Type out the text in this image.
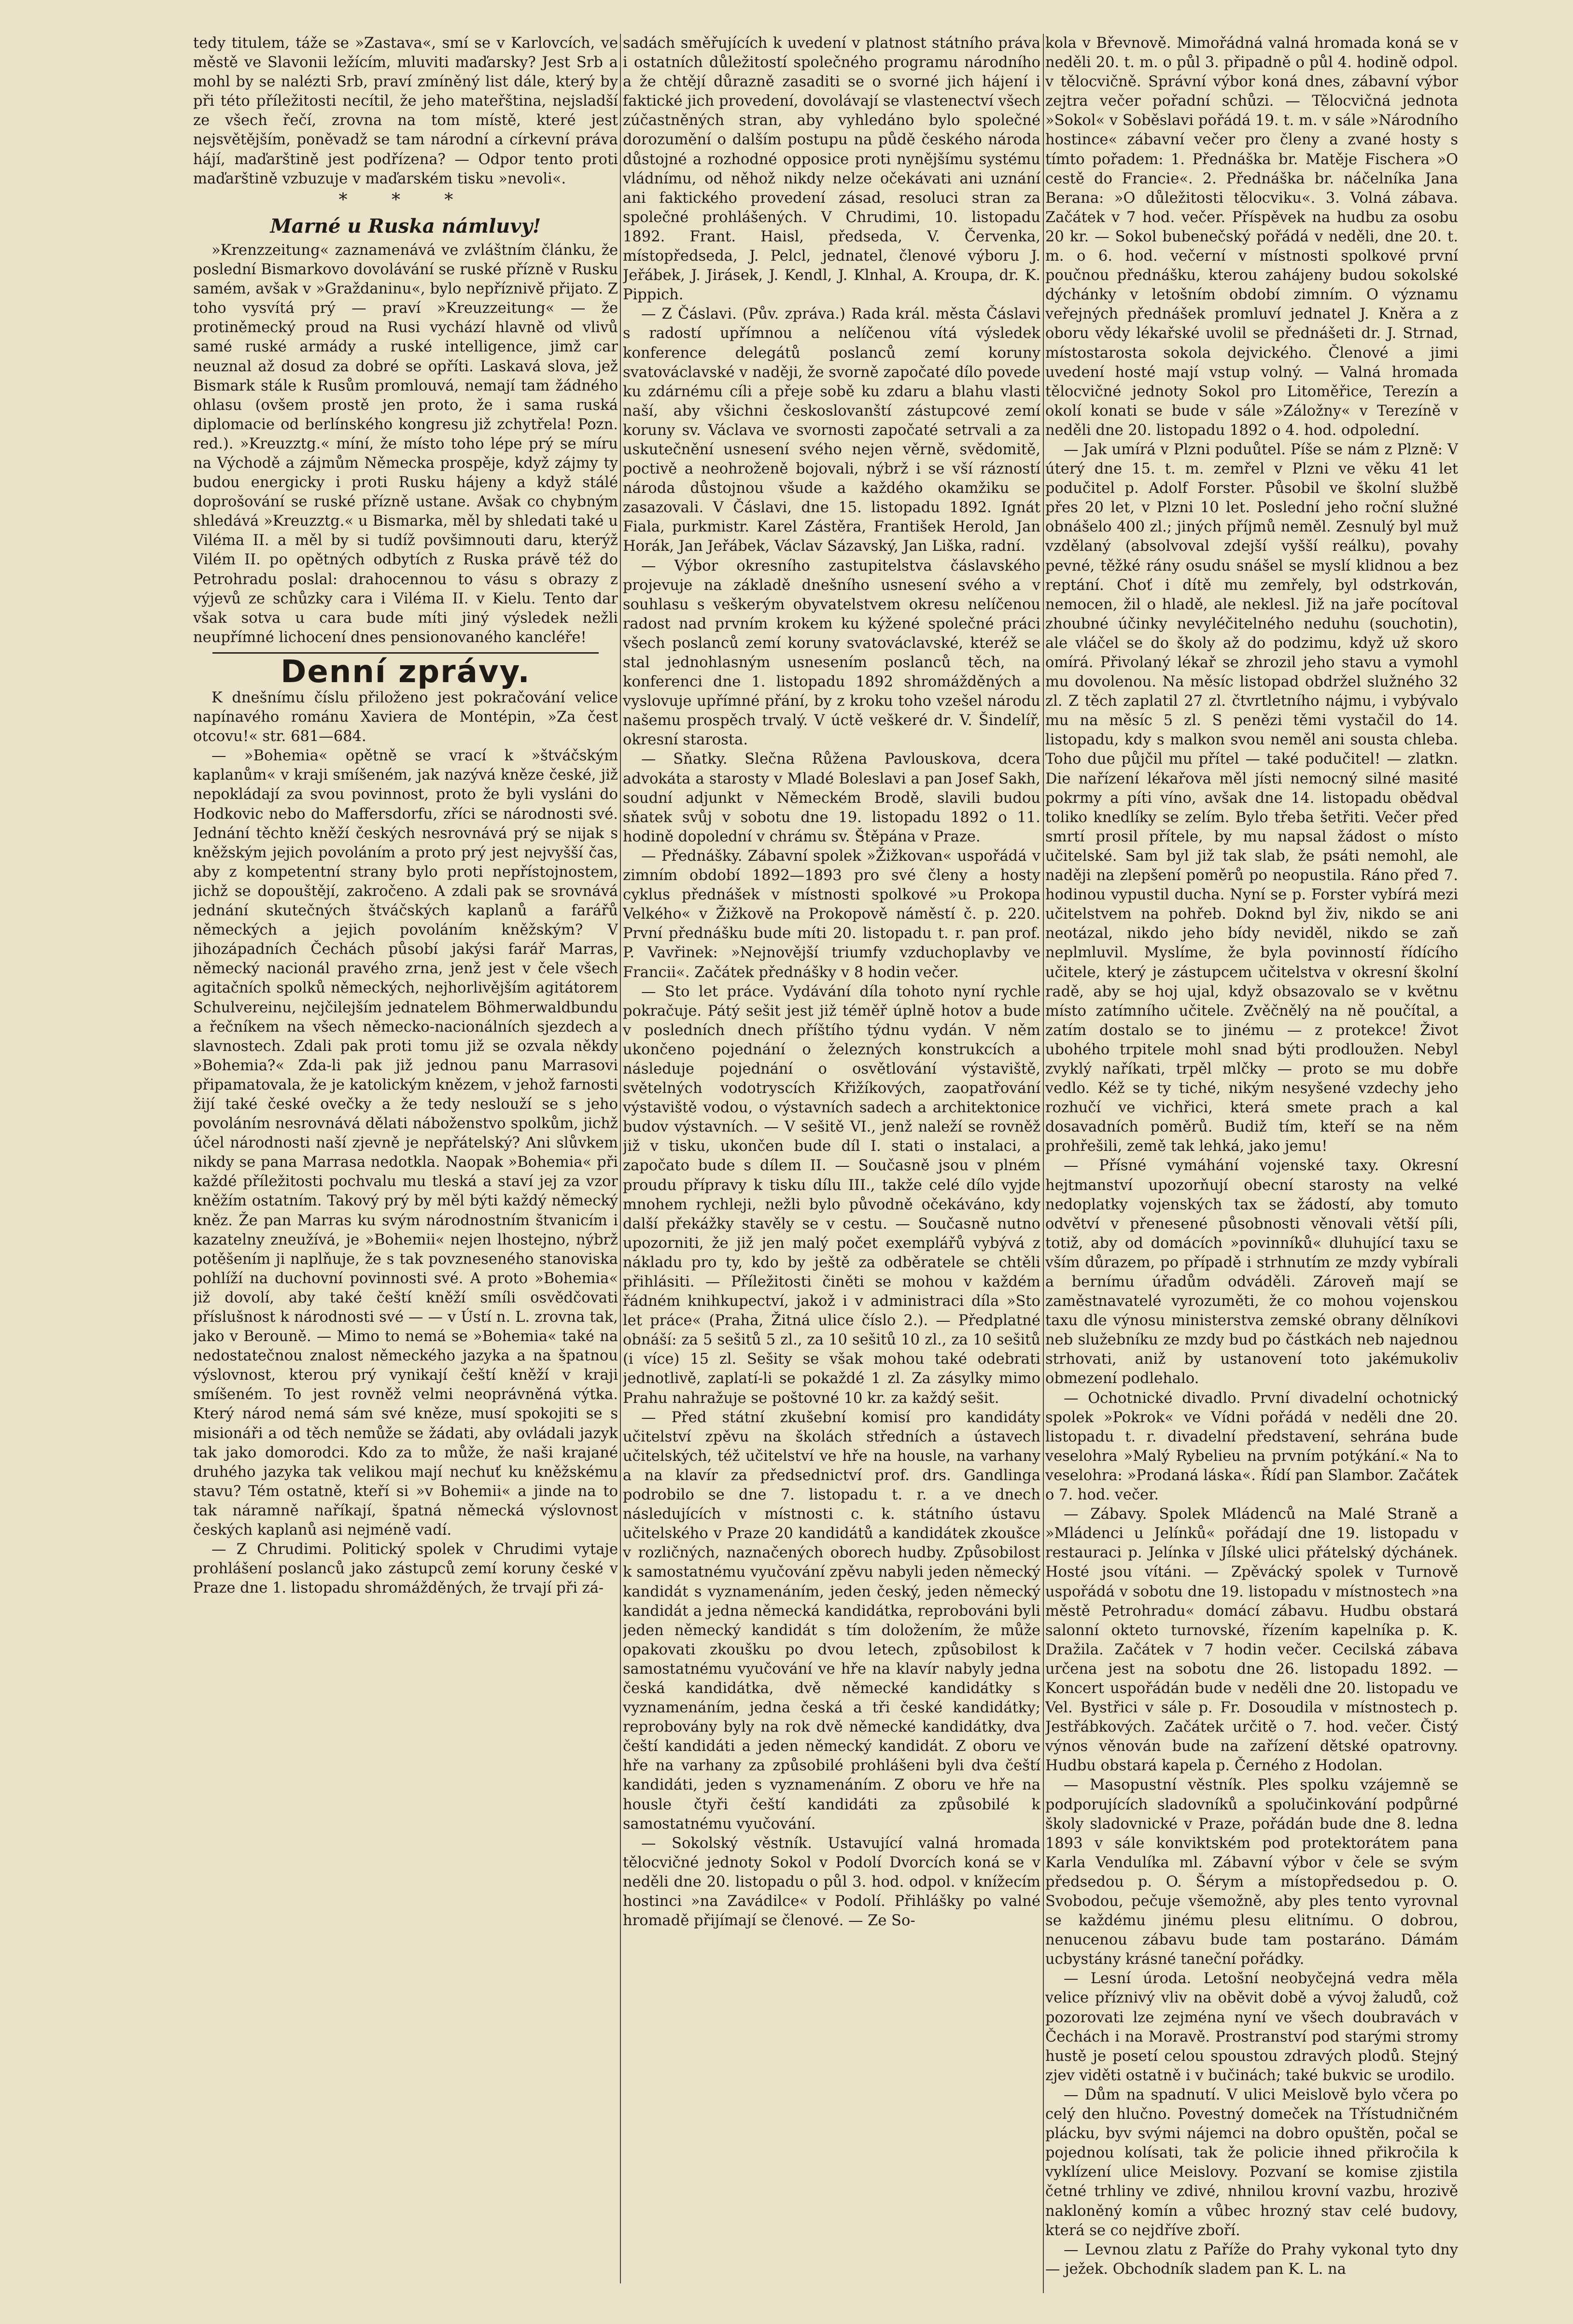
tedy titulem, táže se »Zastava«, smí se v Karlovcích, ve městě ve Slavonii ležícím, mluviti maďarsky? Jest Srb a mohl by se nalézti Srb, praví zmíněný list dále, který by při této příležitosti necítil, že jeho mateřština, nejsladší ze všech řečí, zrovna na tom místě, které jest nejsvětějším, poněvadž se tam národní a církevní práva hájí, maďarštině jest podřízena? — Odpor tento proti maďarštině vzbuzuje v maďarském tisku »nevoli«.

* * *
Marné u Ruska námluvy!

»Krenzzeitung« zaznamenává ve zvláštním článku, že poslední Bismarkovo dovolávání se ruské přízně v Rusku samém, avšak v »Graždaninu«, bylo nepříznivě přijato. Z toho vysvítá prý — praví »Kreuzzeitung« — že protiněmecký proud na Rusi vychází hlavně od vlivů samé ruské armády a ruské intelligence, jimž car neuznal až dosud za dobré se opříti. Laskavá slova, jež Bismark stále k Rusům promlouvá, nemají tam žádného ohlasu (ovšem prostě jen proto, že i sama ruská diplomacie od berlínského kongresu již zchytřela! Pozn. red.). »Kreuzztg.« míní, že místo toho lépe prý se míru na Východě a zájmům Německa prospěje, když zájmy ty budou energicky i proti Rusku hájeny a když stálé doprošování se ruské přízně ustane. Avšak co chybným shledává »Kreuzztg.« u Bismarka, měl by shledati také u Viléma II. a měl by si tudíž povšimnouti daru, kterýž Vilém II. po opětných odbytích z Ruska právě též do Petrohradu poslal: drahocennou to vásu s obrazy z výjevů ze schůzky cara i Viléma II. v Kielu. Tento dar však sotva u cara bude míti jiný výsledek nežli neupřímné lichocení dnes pensionovaného kancléře!

Denní zprávy.

K dnešnímu číslu přiloženo jest pokračování velice napínavého románu Xaviera de Montépin, »Za čest otcovu!« str. 681—684.

— »Bohemia« opětně se vrací k »štváčským kaplanům« v kraji smíšeném, jak nazývá kněze české, již nepokládají za svou povinnost, proto že byli vysláni do Hodkovic nebo do Maffersdorfu, zříci se národnosti své. Jednání těchto kněží českých nesrovnává prý se nijak s kněžským jejich povoláním a proto prý jest nejvyšší čas, aby z kompetentní strany bylo proti nepřístojnostem, jichž se dopouštějí, zakročeno. A zdali pak se srovnává jednání skutečných štváčských kaplanů a farářů německých a jejich povoláním kněžským? V jihozápadních Čechách působí jakýsi farář Marras, německý nacionál pravého zrna, jenž jest v čele všech agitačních spolků německých, nejhorlivějším agitátorem Schulvereinu, nejčilejším jednatelem Böhmerwaldbundu a řečníkem na všech německo-nacionálních sjezdech a slavnostech. Zdali pak proti tomu již se ozvala někdy »Bohemia?« Zda-li pak již jednou panu Marrasovi připamatovala, že je katolickým knězem, v jehož farnosti žijí také české ovečky a že tedy neslouží se s jeho povoláním nesrovnává dělati náboženstvo spolkům, jichž účel národnosti naší zjevně je nepřátelský? Ani slůvkem nikdy se pana Marrasa nedotkla. Naopak »Bohemia« při každé příležitosti pochvalu mu tleská a staví jej za vzor kněžím ostatním. Takový prý by měl býti každý německý kněz. Že pan Marras ku svým národnostním štvanicím i kazatelny zneužívá, je »Bohemii« nejen lhostejno, nýbrž potěšením ji naplňuje, že s tak povzneseného stanoviska pohlíží na duchovní povinnosti své. A proto »Bohemia« již dovolí, aby také čeští kněží smíli osvědčovati příslušnost k národnosti své — — v Ústí n. L. zrovna tak, jako v Berouně. — Mimo to nemá se »Bohemia« také na nedostatečnou znalost německého jazyka a na špatnou výslovnost, kterou prý vynikají čeští kněží v kraji smíšeném. To jest rovněž velmi neoprávněná výtka. Který národ nemá sám své kněze, musí spokojiti se s misionáři a od těch nemůže se žádati, aby ovládali jazyk tak jako domorodci. Kdo za to může, že naši krajané druhého jazyka tak velikou mají nechuť ku kněžskému stavu? Tém ostatně, kteří si »v Bohemii« a jinde na to tak náramně naříkají, špatná německá výslovnost českých kaplanů asi nejméně vadí.

— Z Chrudimi. Politický spolek v Chrudimi vytaje prohlášení poslanců jako zástupců zemí koruny české v Praze dne 1. listopadu shromážděných, že trvají při zá-

sadách směřujících k uvedení v platnost státního práva i ostatních důležitostí společného programu národního a že chtějí důrazně zasaditi se o svorné jich hájení i faktické jich provedení, dovolávají se vlastenectví všech zúčastněných stran, aby vyhledáno bylo společné dorozumění o dalším postupu na půdě českého národa důstojné a rozhodné opposice proti nynějšímu systému vládnímu, od něhož nikdy nelze očekávati ani uznání ani faktického provedení zásad, resoluci stran za společné prohlášených. V Chrudimi, 10. listopadu 1892. Frant. Haisl, předseda, V. Červenka, místopředseda, J. Pelcl, jednatel, členové výboru J. Jeřábek, J. Jirásek, J. Kendl, J. Klnhal, A. Kroupa, dr. K. Pippich.

— Z Čáslavi. (Pův. zpráva.) Rada král. města Čáslavi s radostí upřímnou a nelíčenou vítá výsledek konference delegátů poslanců zemí koruny svatováclavské v naději, že svorně započaté dílo povede ku zdárnému cíli a přeje sobě ku zdaru a blahu vlasti naší, aby všichni českoslovanští zástupcové zemí koruny sv. Václava ve svornosti započaté setrvali a za uskutečnění usnesení svého nejen věrně, svědomitě, poctivě a neohroženě bojovali, nýbrž i se vší rázností národa důstojnou všude a každého okamžiku se zasazovali. V Čáslavi, dne 15. listopadu 1892. Ignát Fiala, purkmistr. Karel Zástěra, František Herold, Jan Horák, Jan Jeřábek, Václav Sázavský, Jan Liška, radní.

— Výbor okresního zastupitelstva čáslavského projevuje na základě dnešního usnesení svého a v souhlasu s veškerým obyvatelstvem okresu nelíčenou radost nad prvním krokem ku kýžené společné práci všech poslanců zemí koruny svatováclavské, kteréž se stal jednohlasným usnesením poslanců těch, na konferenci dne 1. listopadu 1892 shromážděných a vyslovuje upřímné přání, by z kroku toho vzešel národu našemu prospěch trvalý. V úctě veškeré dr. V. Šindelíř, okresní starosta.

— Sňatky. Slečna Růžena Pavlouskova, dcera advokáta a starosty v Mladé Boleslavi a pan Josef Sakh, soudní adjunkt v Německém Brodě, slavili budou sňatek svůj v sobotu dne 19. listopadu 1892 o 11. hodině dopolední v chrámu sv. Štěpána v Praze.

— Přednášky. Zábavní spolek »Žižkovan« uspořádá v zimním období 1892—1893 pro své členy a hosty cyklus přednášek v místnosti spolkové »u Prokopa Velkého« v Žižkově na Prokopově náměstí č. p. 220. První přednášku bude míti 20. listopadu t. r. pan prof. P. Vavřinek: »Nejnovější triumfy vzduchoplavby ve Francii«. Začátek přednášky v 8 hodin večer.

— Sto let práce. Vydávání díla tohoto nyní rychle pokračuje. Pátý sešit jest již téměř úplně hotov a bude v posledních dnech příštího týdnu vydán. V něm ukončeno pojednání o železných konstrukcích a následuje pojednání o osvětlování výstaviště, světelných vodotryscích Křižíkových, zaopatřování výstaviště vodou, o výstavních sadech a architektonice budov výstavních. — V sešitě VI., jenž naleží se rovněž již v tisku, ukončen bude díl I. stati o instalaci, a započato bude s dílem II. — Současně jsou v plném proudu přípravy k tisku dílu III., takže celé dílo vyjde mnohem rychleji, nežli bylo původně očekáváno, kdy další překážky stavěly se v cestu. — Současně nutno upozorniti, že již jen malý počet exemplářů vybývá z nákladu pro ty, kdo by ještě za odběratele se chtěli přihlásiti. — Příležitosti činěti se mohou v každém řádném knihkupectví, jakož i v administraci díla »Sto let práce« (Praha, Žitná ulice číslo 2.). — Předplatné obnáší: za 5 sešitů 5 zl., za 10 sešitů 10 zl., za 10 sešitů (i více) 15 zl. Sešity se však mohou také odebrati jednotlivě, zaplatí-li se pokaždé 1 zl. Za zásylky mimo Prahu nahražuje se poštovné 10 kr. za každý sešit.

— Před státní zkušební komisí pro kandidáty učitelství zpěvu na školách středních a ústavech učitelských, též učitelství ve hře na housle, na varhany a na klavír za předsednictví prof. drs. Gandlinga podrobilo se dne 7. listopadu t. r. a ve dnech následujících v místnosti c. k. státního ústavu učitelského v Praze 20 kandidátů a kandidátek zkoušce v rozličných, naznačených oborech hudby. Způsobilost k samostatnému vyučování zpěvu nabyli jeden německý kandidát s vyznamenáním, jeden český, jeden německý kandidát a jedna německá kandidátka, reprobováni byli jeden německý kandidát s tím doložením, že může opakovati zkoušku po dvou letech, způsobilost k samostatnému vyučování ve hře na klavír nabyly jedna česká kandidátka, dvě německé kandidátky s vyznamenáním, jedna česká a tři české kandidátky; reprobovány byly na rok dvě německé kandidátky, dva čeští kandidáti a jeden německý kandidát. Z oboru ve hře na varhany za způsobilé prohlášeni byli dva čeští kandidáti, jeden s vyznamenáním. Z oboru ve hře na housle čtyři čeští kandidáti za způsobilé k samostatnému vyučování.

— Sokolský věstník. Ustavující valná hromada tělocvičné jednoty Sokol v Podolí Dvorcích koná se v neděli dne 20. listopadu o půl 3. hod. odpol. v knížecím hostinci »na Zavádilce« v Podolí. Přihlášky po valné hromadě přijímají se členové. — Ze So-

kola v Břevnově. Mimořádná valná hromada koná se v neděli 20. t. m. o půl 3. připadně o půl 4. hodině odpol. v tělocvičně. Správní výbor koná dnes, zábavní výbor zejtra večer pořadní schůzi. — Tělocvičná jednota »Sokol« v Soběslavi pořádá 19. t. m. v sále »Národního hostince« zábavní večer pro členy a zvané hosty s tímto pořadem: 1. Přednáška br. Matěje Fischera »O cestě do Francie«. 2. Přednáška br. náčelníka Jana Berana: »O důležitosti tělocviku«. 3. Volná zábava. Začátek v 7 hod. večer. Příspěvek na hudbu za osobu 20 kr. — Sokol bubenečský pořádá v neděli, dne 20. t. m. o 6. hod. večerní v místnosti spolkové první poučnou přednášku, kterou zahájeny budou sokolské dýchánky v letošním období zimním. O významu veřejných přednášek promluví jednatel J. Kněra a z oboru vědy lékařské uvolil se přednášeti dr. J. Strnad, místostarosta sokola dejvického. Členové a jimi uvedení hosté mají vstup volný. — Valná hromada tělocvičné jednoty Sokol pro Litoměřice, Terezín a okolí konati se bude v sále »Záložny« v Terezíně v neděli dne 20. listopadu 1892 o 4. hod. odpolední.

— Jak umírá v Plzni poduůtel. Píše se nám z Plzně: V úterý dne 15. t. m. zemřel v Plzni ve věku 41 let podučitel p. Adolf Forster. Působil ve školní službě přes 20 let, v Plzni 10 let. Poslední jeho roční služné obnášelo 400 zl.; jiných příjmů neměl. Zesnulý byl muž vzdělaný (absolvoval zdejší vyšší reálku), povahy pevné, těžké rány osudu snášel se myslí klidnou a bez reptání. Choť i dítě mu zemřely, byl odstrkován, nemocen, žil o hladě, ale neklesl. Již na jaře pocítoval zhoubné účinky nevyléčitelného neduhu (souchotin), ale vláčel se do školy až do podzimu, když už skoro omírá. Přivolaný lékař se zhrozil jeho stavu a vymohl mu dovolenou. Na měsíc listopad obdržel služného 32 zl. Z těch zaplatil 27 zl. čtvrtletního nájmu, i vybývalo mu na měsíc 5 zl. S penězi těmi vystačil do 14. listopadu, kdy s malkon svou neměl ani sousta chleba. Toho due půjčil mu přítel — také podučitel! — zlatkn. Die nařízení lékařova měl jísti nemocný silné masité pokrmy a píti víno, avšak dne 14. listopadu obědval toliko knedlíky se zelím. Bylo třeba šetřiti. Večer před smrtí prosil přítele, by mu napsal žádost o místo učitelské. Sam byl již tak slab, že psáti nemohl, ale naději na zlepšení poměrů po neopustila. Ráno před 7. hodinou vypustil ducha. Nyní se p. Forster vybírá mezi učitelstvem na pohřeb. Doknd byl živ, nikdo se ani neotázal, nikdo jeho bídy neviděl, nikdo se zaň neplmluvil. Myslíme, že byla povinností řídícího učitele, který je zástupcem učitelstva v okresní školní radě, aby se hoj ujal, když obsazovalo se v květnu místo zatímního učitele. Zvěčnělý na ně poučítal, a zatím dostalo se to jinému — z protekce! Život ubohého trpitele mohl snad býti prodloužen. Nebyl zvyklý naříkati, trpěl mlčky — proto se mu dobře vedlo. Kéž se ty tiché, nikým nesyšené vzdechy jeho rozhučí ve vichřici, která smete prach a kal dosavadních poměrů. Budiž tím, kteří se na něm prohřešili, země tak lehká, jako jemu!

— Přísné vymáhání vojenské taxy. Okresní hejtmanství upozorňují obecní starosty na velké nedoplatky vojenských tax se žádostí, aby tomuto odvětví v přenesené působnosti věnovali větší píli, totiž, aby od domácích »povinníků« dluhující taxu se vším důrazem, po případě i strhnutím ze mzdy vybírali a bernímu úřadům odváděli. Zároveň mají se zaměstnavatelé vyrozuměti, že co mohou vojenskou taxu dle výnosu ministerstva zemské obrany dělníkovi neb služebníku ze mzdy bud po částkách neb najednou strhovati, aniž by ustanovení toto jakémukoliv obmezení podlehalo.

— Ochotnické divadlo. První divadelní ochotnický spolek »Pokrok« ve Vídni pořádá v neděli dne 20. listopadu t. r. divadelní představení, sehrána bude veselohra »Malý Rybelieu na prvním potýkání.« Na to veselohra: »Prodaná láska«. Řídí pan Slambor. Začátek o 7. hod. večer.

— Zábavy. Spolek Mládenců na Malé Straně a »Mládenci u Jelínků« pořádají dne 19. listopadu v restauraci p. Jelínka v Jílské ulici přátelský dýchánek. Hosté jsou vítáni. — Zpěvácký spolek v Turnově uspořádá v sobotu dne 19. listopadu v místnostech »na městě Petrohradu« domácí zábavu. Hudbu obstará salonní okteto turnovské, řízením kapelníka p. K. Dražila. Začátek v 7 hodin večer. Cecilská zábava určena jest na sobotu dne 26. listopadu 1892. — Koncert uspořádán bude v neděli dne 20. listopadu ve Vel. Bystřici v sále p. Fr. Dosoudila v místnostech p. Jestřábkových. Začátek určitě o 7. hod. večer. Čistý výnos věnován bude na zařízení dětské opatrovny. Hudbu obstará kapela p. Černého z Hodolan.

— Masopustní věstník. Ples spolku vzájemně se podporujících sladovníků a spolučinkování podpůrné školy sladovnické v Praze, pořádán bude dne 8. ledna 1893 v sále konviktském pod protektorátem pana Karla Vendulíka ml. Zábavní výbor v čele se svým předsedou p. O. Šérym a místopředsedou p. O. Svobodou, pečuje všemožně, aby ples tento vyrovnal se každému jinému plesu elitnímu. O dobrou, nenucenou zábavu bude tam postaráno. Dámám ucbystány krásné taneční pořádky.

— Lesní úroda. Letošní neobyčejná vedra měla velice příznivý vliv na oběvit době a vývoj žaludů, což pozorovati lze zejména nyní ve všech doubravách v Čechách i na Moravě. Prostranství pod starými stromy hustě je posetí celou spoustou zdravých plodů. Stejný zjev viděti ostatně i v bučinách; také bukvic se urodilo.

— Dům na spadnutí. V ulici Meislově bylo včera po celý den hlučno. Povestný domeček na Třístudničném plácku, byv svými nájemci na dobro opuštěn, počal se pojednou kolísati, tak že policie ihned přikročila k vyklízení ulice Meislovy. Pozvaní se komise zjistila četné trhliny ve zdivé, nhnilou krovní vazbu, hrozivě nakloněný komín a vůbec hrozný stav celé budovy, která se co nejdříve zboří.

— Levnou zlatu z Paříže do Prahy vykonal tyto dny — ježek. Obchodník sladem pan K. L. na
